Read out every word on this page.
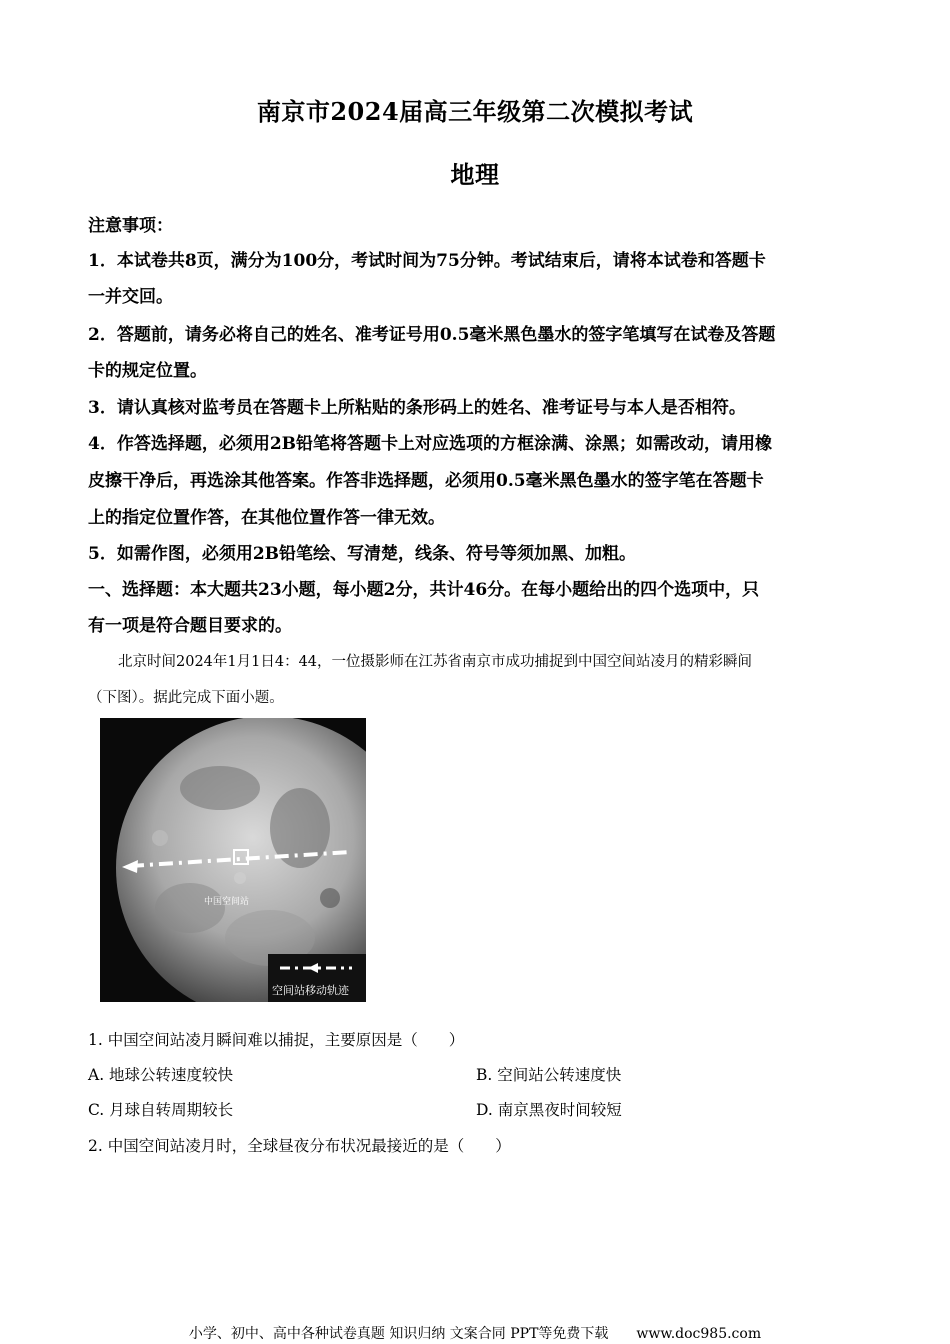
南京市2024届高三年级第二次模拟考试
地理
注意事项：
1．本试卷共8页，满分为100分，考试时间为75分钟。考试结束后，请将本试卷和答题卡
一并交回。
2．答题前，请务必将自己的姓名、准考证号用0.5毫米黑色墨水的签字笔填写在试卷及答题
卡的规定位置。
3．请认真核对监考员在答题卡上所粘贴的条形码上的姓名、准考证号与本人是否相符。
4．作答选择题，必须用2B铅笔将答题卡上对应选项的方框涂满、涂黑；如需改动，请用橡
皮擦干净后，再选涂其他答案。作答非选择题，必须用0.5毫米黑色墨水的签字笔在答题卡
上的指定位置作答，在其他位置作答一律无效。
5．如需作图，必须用2B铅笔绘、写清楚，线条、符号等须加黑、加粗。
一、选择题：本大题共23小题，每小题2分，共计46分。在每小题给出的四个选项中，只
有一项是符合题目要求的。
北京时间2024年1月1日4：44，一位摄影师在江苏省南京市成功捕捉到中国空间站凌月的精彩瞬间
（下图）。据此完成下面小题。
中国空间站
空间站移动轨迹
1. 中国空间站凌月瞬间难以捕捉，主要原因是（　　）
A. 地球公转速度较快	B. 空间站公转速度快
C. 月球自转周期较长	D. 南京黑夜时间较短
2. 中国空间站凌月时，全球昼夜分布状况最接近的是（　　）
小学、初中、高中各种试卷真题 知识归纳 文案合同 PPT等免费下载　　www.doc985.com
